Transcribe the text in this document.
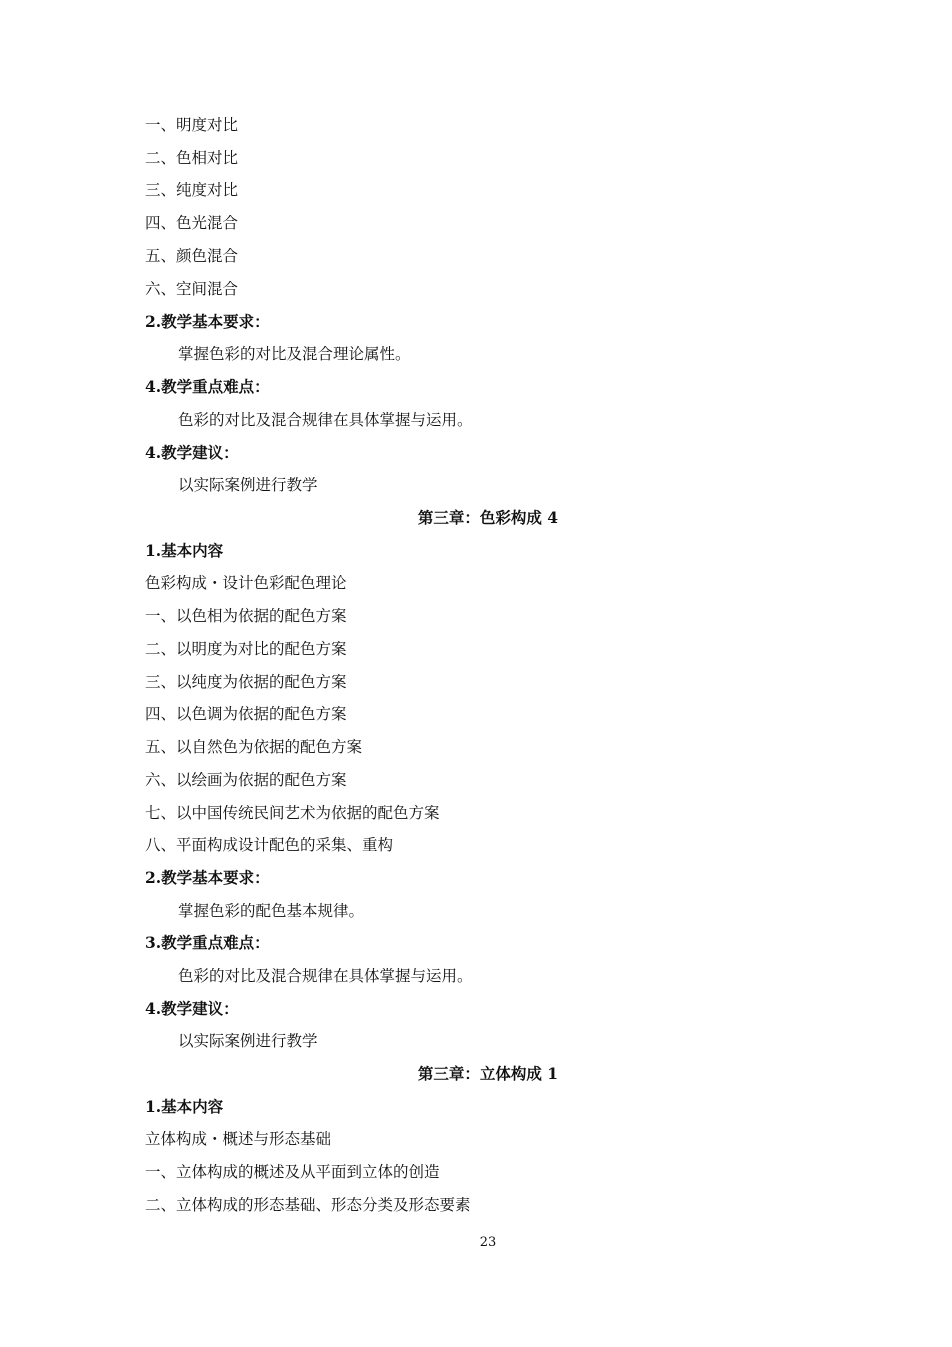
一、明度对比
二、色相对比
三、纯度对比
四、色光混合
五、颜色混合
六、空间混合
2.教学基本要求：
掌握色彩的对比及混合理论属性。
4.教学重点难点：
色彩的对比及混合规律在具体掌握与运用。
4.教学建议：
以实际案例进行教学
第三章：色彩构成 4
1.基本内容
色彩构成・设计色彩配色理论
一、以色相为依据的配色方案
二、以明度为对比的配色方案
三、以纯度为依据的配色方案
四、以色调为依据的配色方案
五、以自然色为依据的配色方案
六、以绘画为依据的配色方案
七、以中国传统民间艺术为依据的配色方案
八、平面构成设计配色的采集、重构
2.教学基本要求：
掌握色彩的配色基本规律。
3.教学重点难点：
色彩的对比及混合规律在具体掌握与运用。
4.教学建议：
以实际案例进行教学
第三章：立体构成 1
1.基本内容
立体构成・概述与形态基础
一、立体构成的概述及从平面到立体的创造
二、立体构成的形态基础、形态分类及形态要素
23
